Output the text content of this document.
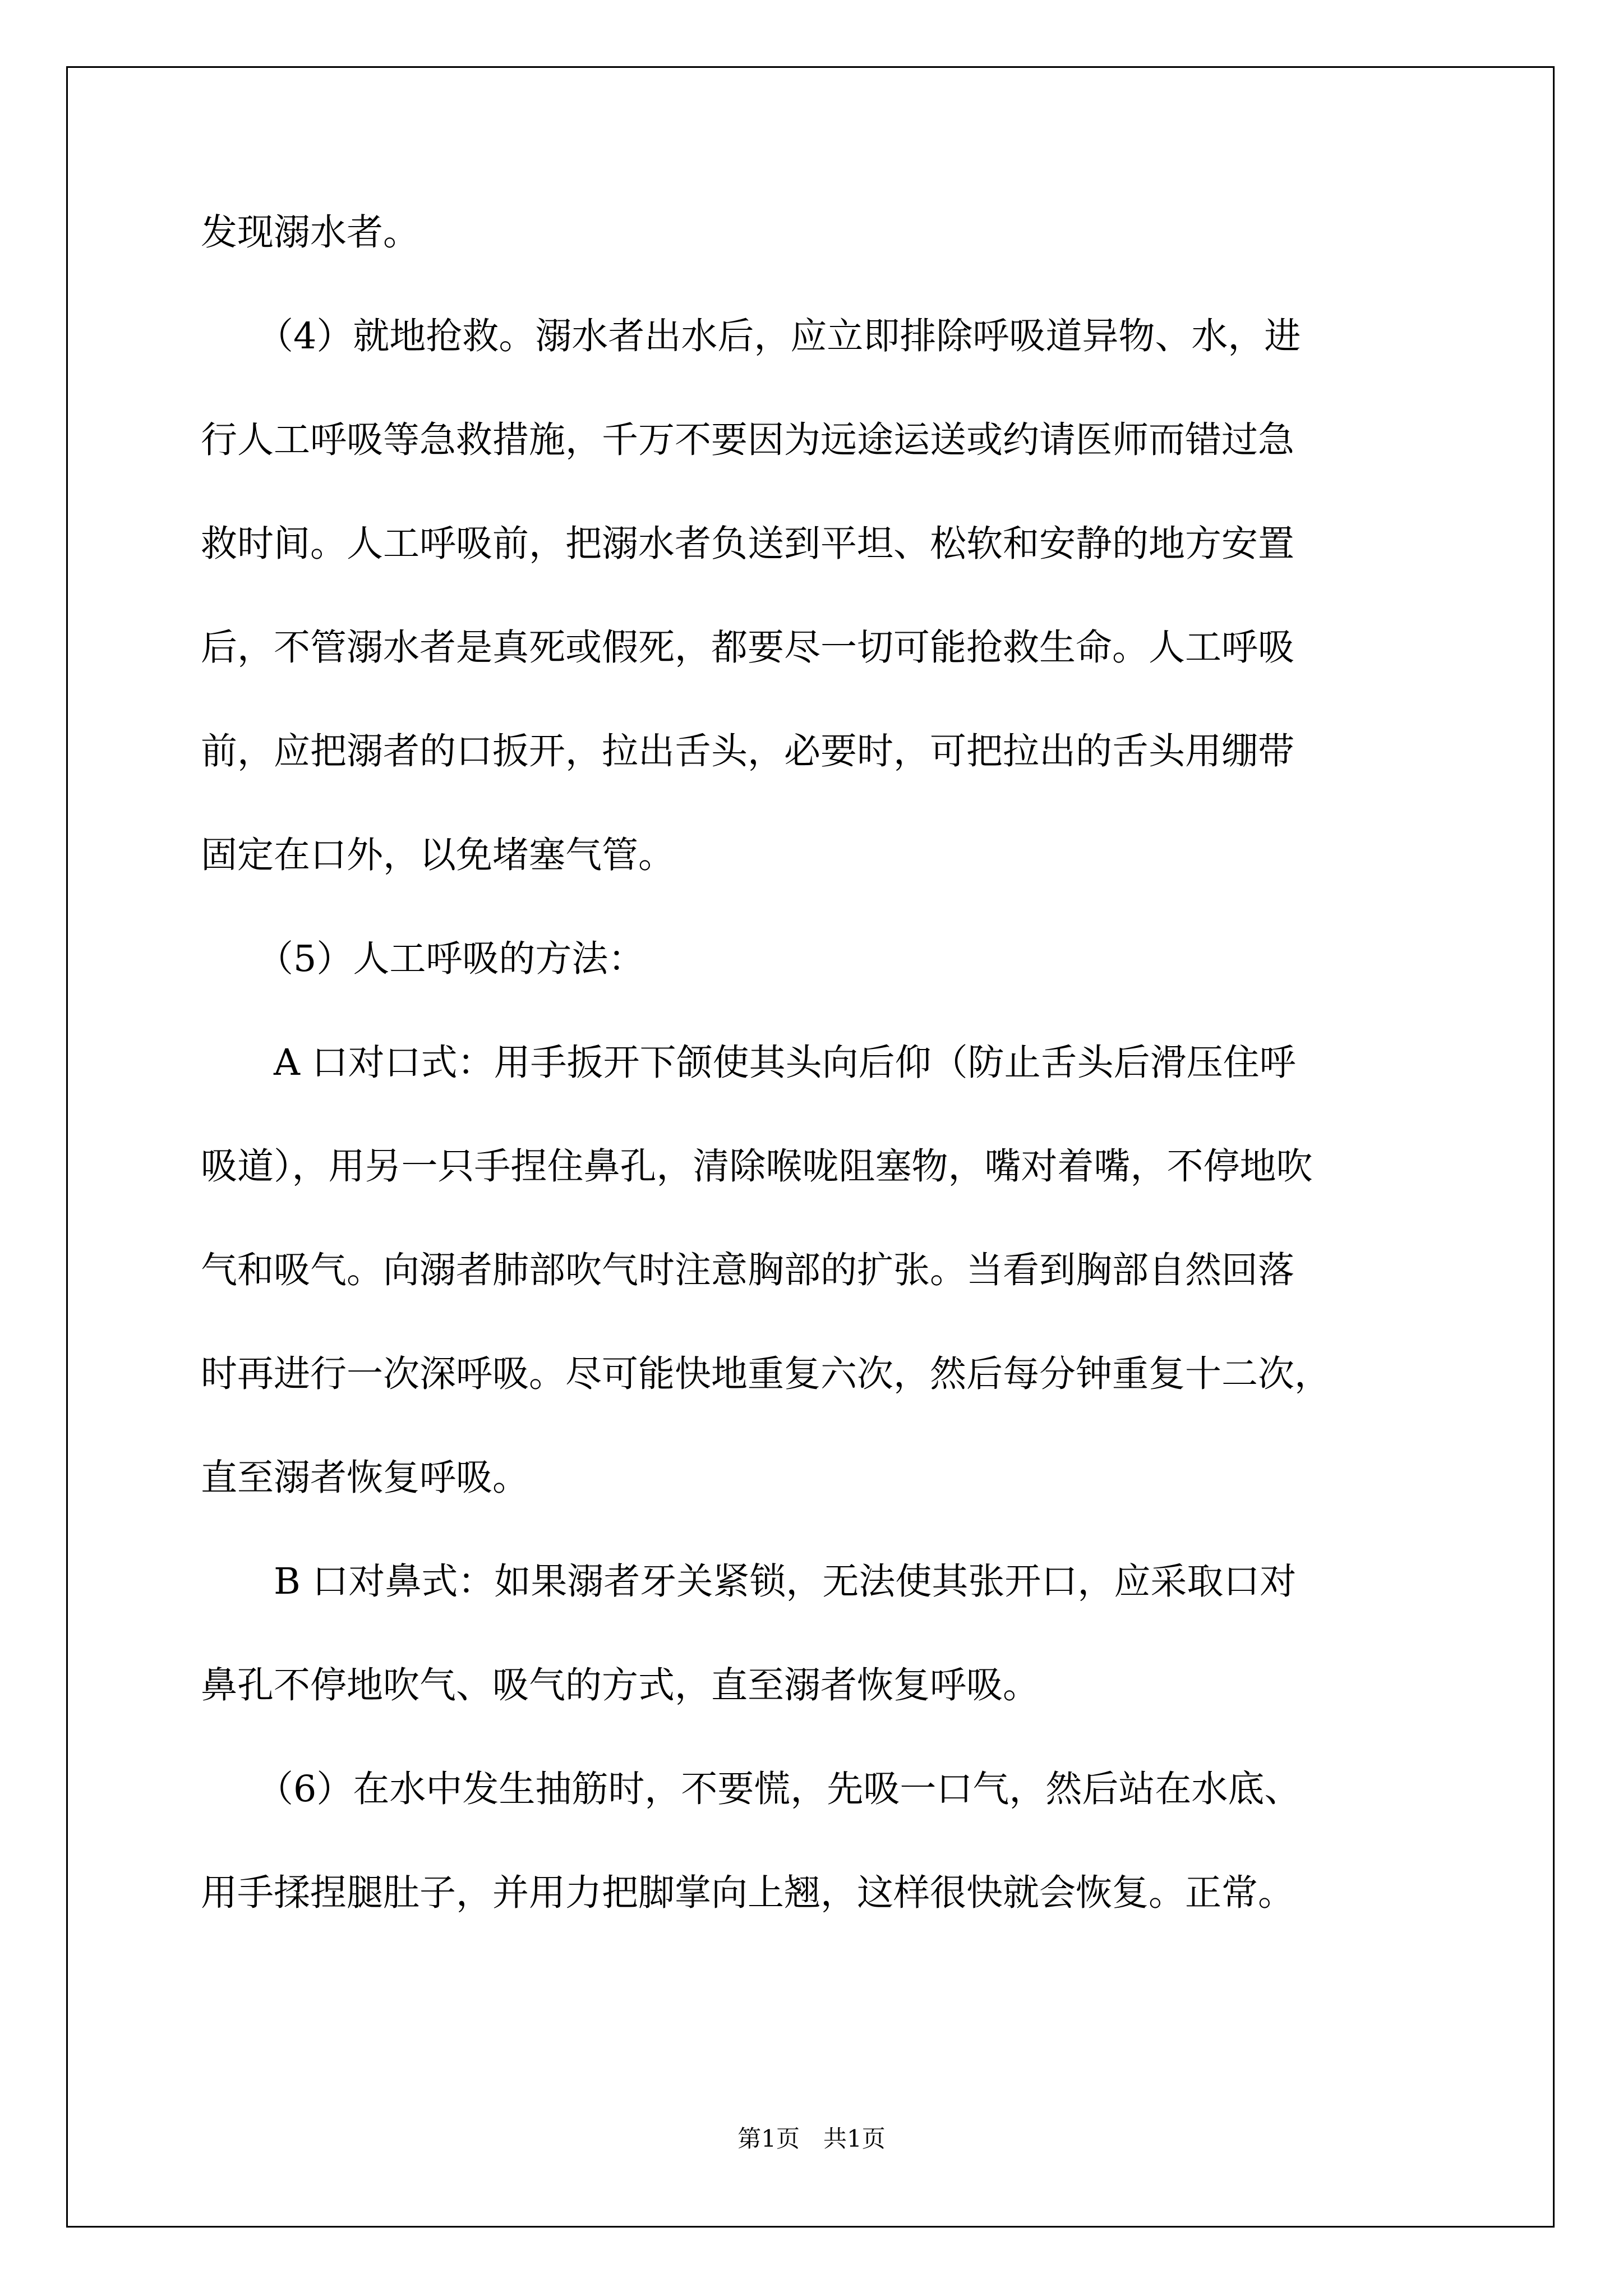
发现溺水者。
（4）就地抢救。溺水者出水后，应立即排除呼吸道异物、水，进
行人工呼吸等急救措施，千万不要因为远途运送或约请医师而错过急
救时间。人工呼吸前，把溺水者负送到平坦、松软和安静的地方安置
后，不管溺水者是真死或假死，都要尽一切可能抢救生命。人工呼吸
前，应把溺者的口扳开，拉出舌头，必要时，可把拉出的舌头用绷带
固定在口外，以免堵塞气管。
（5）人工呼吸的方法：
A 口对口式：用手扳开下颌使其头向后仰（防止舌头后滑压住呼
吸道），用另一只手捏住鼻孔，清除喉咙阻塞物，嘴对着嘴，不停地吹
气和吸气。向溺者肺部吹气时注意胸部的扩张。当看到胸部自然回落
时再进行一次深呼吸。尽可能快地重复六次，然后每分钟重复十二次，
直至溺者恢复呼吸。
B 口对鼻式：如果溺者牙关紧锁，无法使其张开口，应采取口对
鼻孔不停地吹气、吸气的方式，直至溺者恢复呼吸。
（6）在水中发生抽筋时，不要慌，先吸一口气，然后站在水底、
用手揉捏腿肚子，并用力把脚掌向上翘，这样很快就会恢复。正常。
第1页　共1页
